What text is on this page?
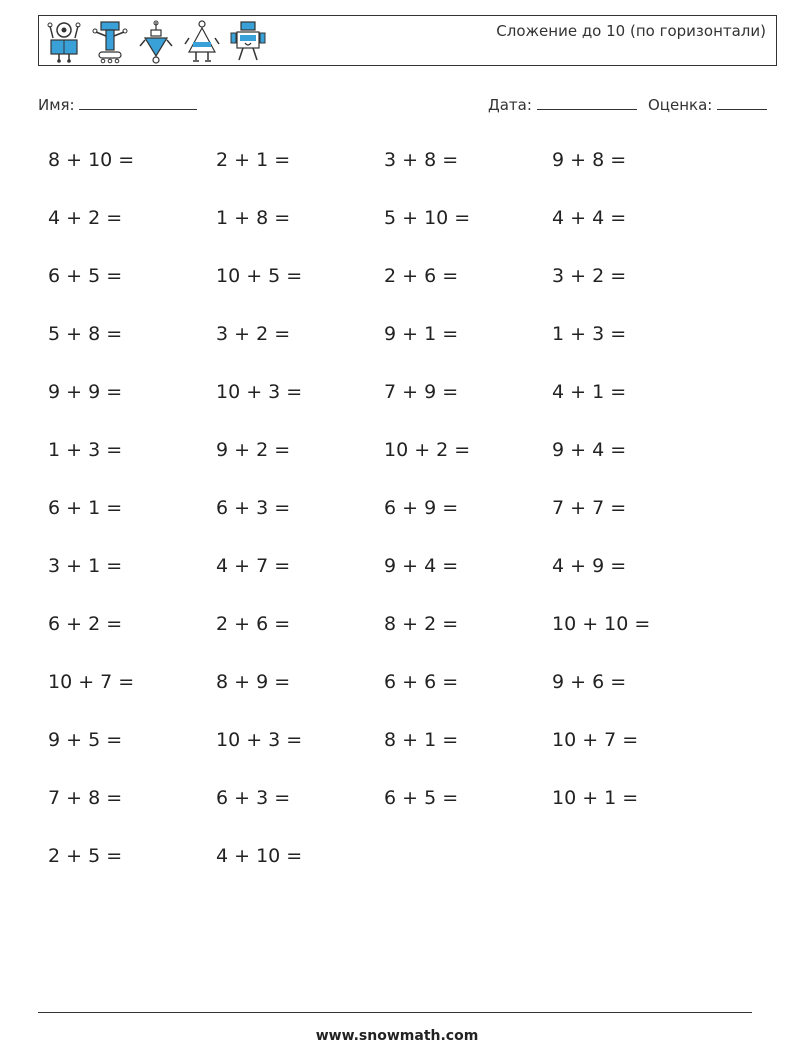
Сложение до 10 (по горизонтали)
Имя:	Дата:	Оценка:
8 + 10 =	2 + 1 =	3 + 8 =	9 + 8 =
4 + 2 =	1 + 8 =	5 + 10 =	4 + 4 =
6 + 5 =	10 + 5 =	2 + 6 =	3 + 2 =
5 + 8 =	3 + 2 =	9 + 1 =	1 + 3 =
9 + 9 =	10 + 3 =	7 + 9 =	4 + 1 =
1 + 3 =	9 + 2 =	10 + 2 =	9 + 4 =
6 + 1 =	6 + 3 =	6 + 9 =	7 + 7 =
3 + 1 =	4 + 7 =	9 + 4 =	4 + 9 =
6 + 2 =	2 + 6 =	8 + 2 =	10 + 10 =
10 + 7 =	8 + 9 =	6 + 6 =	9 + 6 =
9 + 5 =	10 + 3 =	8 + 1 =	10 + 7 =
7 + 8 =	6 + 3 =	6 + 5 =	10 + 1 =
2 + 5 =	4 + 10 =
www.snowmath.com
